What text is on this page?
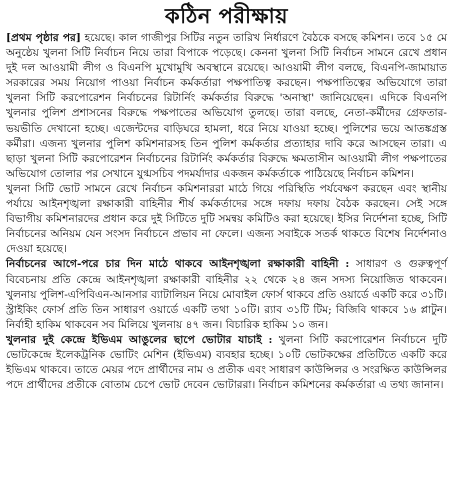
কঠিন পরীক্ষায়

[প্রথম পৃষ্ঠার পর] হয়েছে। কাল গাজীপুর সিটির নতুন তারিখ নির্ধারণে বৈঠকে বসছে কমিশন। তবে ১৫ মে অনুষ্ঠেয় খুলনা সিটি নির্বাচন নিয়ে তারা বিপাকে পড়েছে। কেননা খুলনা সিটি নির্বাচন সামনে রেখে প্রধান দুই দল আওয়ামী লীগ ও বিএনপি মুখোমুখি অবস্থানে রয়েছে। আওয়ামী লীগ বলছে, বিএনপি-জামায়াত সরকারের সময় নিয়োগ পাওয়া নির্বাচন কর্মকর্তারা পক্ষপাতিত্ব করছেন। পক্ষপাতিত্বের অভিযোগে তারা খুলনা সিটি করপোরেশন নির্বাচনের রিটার্নিং কর্মকর্তার বিরুদ্ধে 'অনাস্থা' জানিয়েছেন। এদিকে বিএনপি খুলনার পুলিশ প্রশাসনের বিরুদ্ধে পক্ষপাতের অভিযোগ তুলছে। তারা বলছে, নেতা-কর্মীদের গ্রেফতার-ভয়ভীতি দেখানো হচ্ছে। এজেন্টদের বাড়িঘরে হামলা, ধরে নিয়ে যাওয়া হচ্ছে। পুলিশের ভয়ে আতঙ্কগ্রস্ত কর্মীরা। এজন্য খুলনার পুলিশ কমিশনারসহ তিন পুলিশ কর্মকর্তার প্রত্যাহার দাবি করে আসছেন তারা। এ ছাড়া খুলনা সিটি করপোরেশন নির্বাচনের রিটার্নিং কর্মকর্তার বিরুদ্ধে ক্ষমতাসীন আওয়ামী লীগ পক্ষপাতের অভিযোগ তোলার পর সেখানে যুগ্মসচিব পদমর্যাদার একজন কর্মকর্তাকে পাঠিয়েছে নির্বাচন কমিশন।

খুলনা সিটি ভোট সামনে রেখে নির্বাচন কমিশনাররা মাঠে গিয়ে পরিস্থিতি পর্যবেক্ষণ করছেন এবং স্থানীয় পর্যায়ে আইনশৃঙ্খলা রক্ষাকারী বাহিনীর শীর্ষ কর্মকর্তাদের সঙ্গে দফায় দফায় বৈঠক করছেন। সেই সঙ্গে বিভাগীয় কমিশনারদের প্রধান করে দুই সিটিতে দুটি সমন্বয় কমিটিও করা হয়েছে। ইসির নির্দেশনা হচ্ছে, সিটি নির্বাচনের অনিয়ম যেন সংসদ নির্বাচনে প্রভাব না ফেলে। এজন্য সবাইকে সতর্ক থাকতে বিশেষ নির্দেশনাও দেওয়া হয়েছে।

নির্বাচনের আগে-পরে চার দিন মাঠে থাকবে আইনশৃঙ্খলা রক্ষাকারী বাহিনী : সাধারণ ও গুরুত্বপূর্ণ বিবেচনায় প্রতি কেন্দ্রে আইনশৃঙ্খলা রক্ষাকারী বাহিনীর ২২ থেকে ২৪ জন সদস্য নিয়োজিত থাকবেন। খুলনায় পুলিশ-এপিবিএন-আনসার ব্যাটালিয়ন নিয়ে মোবাইল ফোর্স থাকবে প্রতি ওয়ার্ডে একটি করে ৩১টি। স্ট্রাইকিং ফোর্স প্রতি তিন সাধারণ ওয়ার্ডে একটি তথা ১০টি। র‍্যাব ৩১টি টিম; বিজিবি থাকবে ১৬ প্লাটুন। নির্বাহী হাকিম থাকবেন সব মিলিয়ে খুলনায় ৪৭ জন। বিচারিক হাকিম ১০ জন।

খুলনার দুই কেন্দ্রে ইভিএম আঙুলের ছাপে ভোটার যাচাই : খুলনা সিটি করপোরেশন নির্বাচনে দুটি ভোটকেন্দ্রে ইলেকট্রনিক ভোটিং মেশিন (ইভিএম) ব্যবহার হচ্ছে। ১০টি ভোটকক্ষের প্রতিটিতে একটি করে ইভিএম থাকবে। তাতে মেয়র পদে প্রার্থীদের নাম ও প্রতীক এবং সাধারণ কাউন্সিলর ও সংরক্ষিত কাউন্সিলর পদে প্রার্থীদের প্রতীকে বোতাম চেপে ভোট দেবেন ভোটাররা। নির্বাচন কমিশনের কর্মকর্তারা এ তথ্য জানান।
